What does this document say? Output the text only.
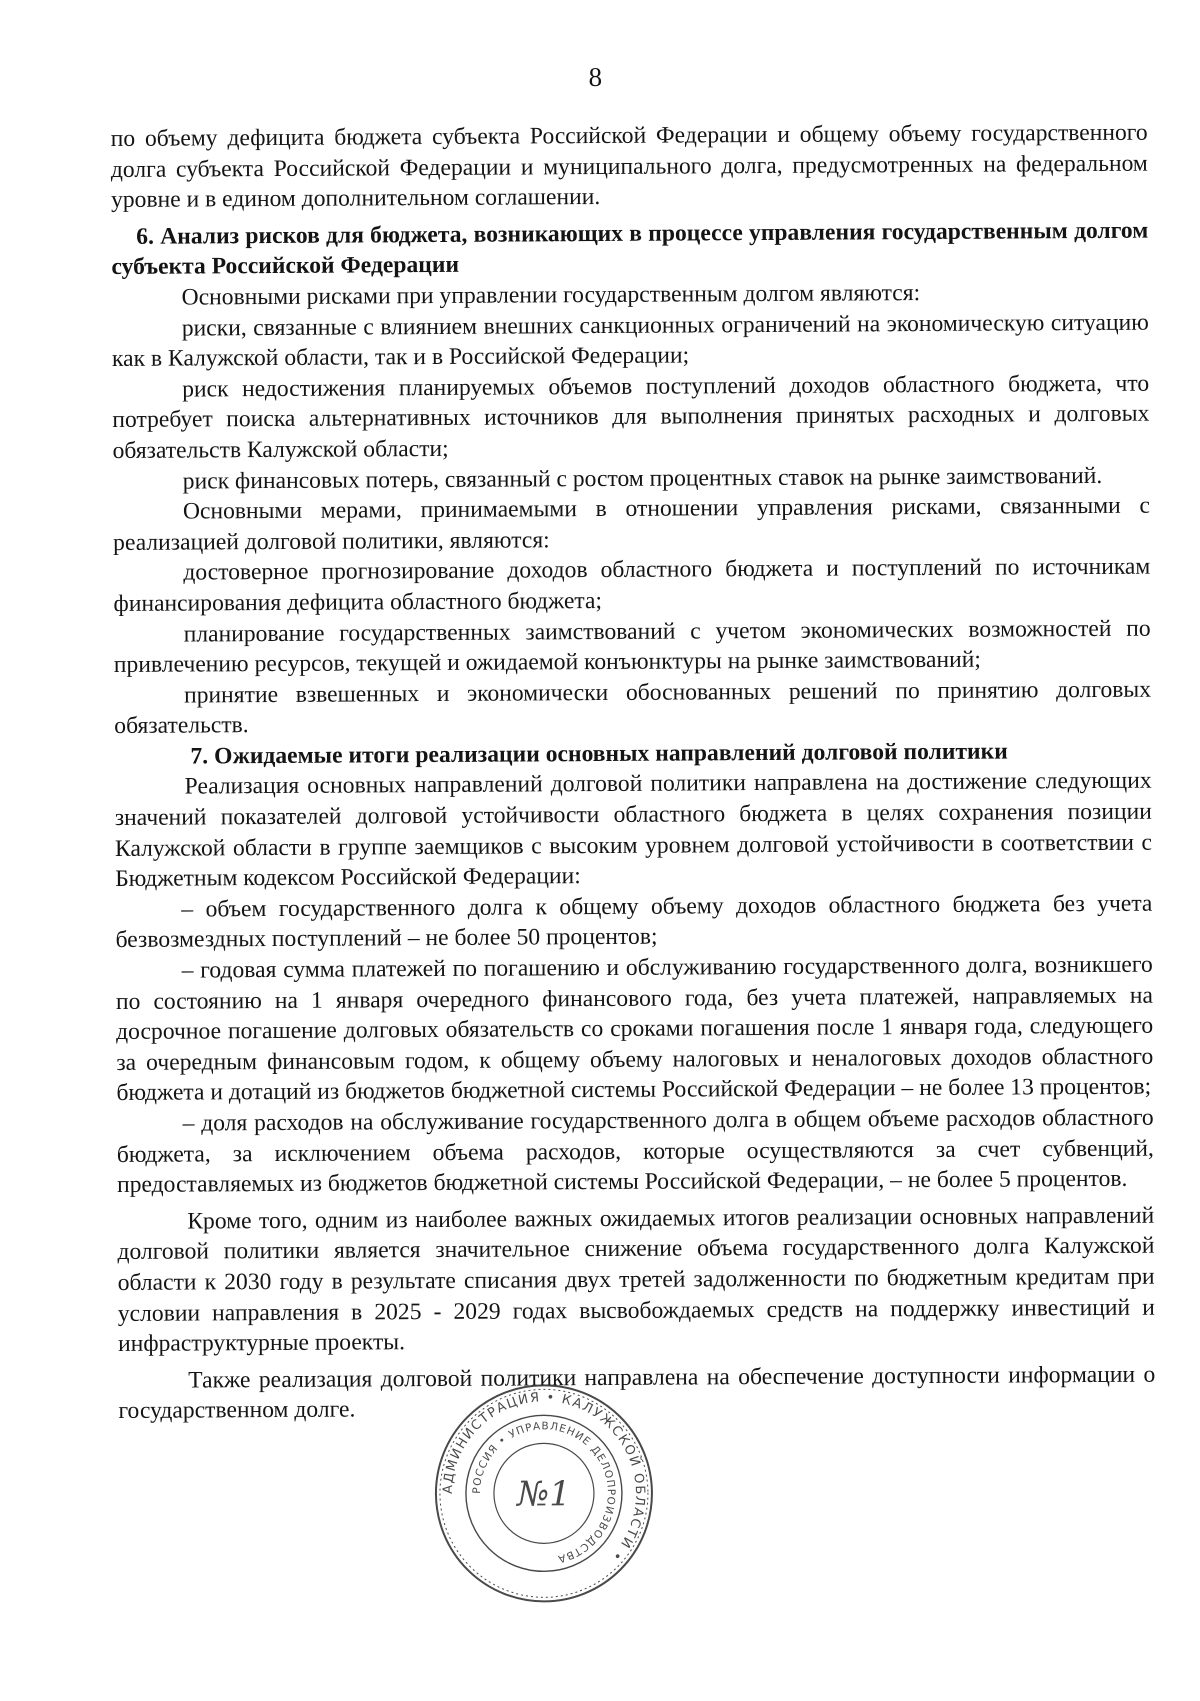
8

по объему дефицита бюджета субъекта Российской Федерации и общему объему государственного долга субъекта Российской Федерации и муниципального долга, предусмотренных на федеральном уровне и в едином дополнительном соглашении.

6. Анализ рисков для бюджета, возникающих в процессе управления государственным долгом субъекта Российской Федерации

Основными рисками при управлении государственным долгом являются:

риски, связанные с влиянием внешних санкционных ограничений на экономическую ситуацию как в Калужской области, так и в Российской Федерации;

риск недостижения планируемых объемов поступлений доходов областного бюджета, что потребует поиска альтернативных источников для выполнения принятых расходных и долговых обязательств Калужской области;

риск финансовых потерь, связанный с ростом процентных ставок на рынке заимствований.

Основными мерами, принимаемыми в отношении управления рисками, связанными с реализацией долговой политики, являются:

достоверное прогнозирование доходов областного бюджета и поступлений по источникам финансирования дефицита областного бюджета;

планирование государственных заимствований с учетом экономических возможностей по привлечению ресурсов, текущей и ожидаемой конъюнктуры на рынке заимствований;

принятие взвешенных и экономически обоснованных решений по принятию долговых обязательств.

7. Ожидаемые итоги реализации основных направлений долговой политики

Реализация основных направлений долговой политики направлена на достижение следующих значений показателей долговой устойчивости областного бюджета в целях сохранения позиции Калужской области в группе заемщиков с высоким уровнем долговой устойчивости в соответствии с Бюджетным кодексом Российской Федерации:

– объем государственного долга к общему объему доходов областного бюджета без учета безвозмездных поступлений – не более 50 процентов;

– годовая сумма платежей по погашению и обслуживанию государственного долга, возникшего по состоянию на 1 января очередного финансового года, без учета платежей, направляемых на досрочное погашение долговых обязательств со сроками погашения после 1 января года, следующего за очередным финансовым годом, к общему объему налоговых и неналоговых доходов областного бюджета и дотаций из бюджетов бюджетной системы Российской Федерации – не более 13 процентов;

– доля расходов на обслуживание государственного долга в общем объеме расходов областного бюджета, за исключением объема расходов, которые осуществляются за счет субвенций, предоставляемых из бюджетов бюджетной системы Российской Федерации, – не более 5 процентов.

Кроме того, одним из наиболее важных ожидаемых итогов реализации основных направлений долговой политики является значительное снижение объема государственного долга Калужской области к 2030 году в результате списания двух третей задолженности по бюджетным кредитам при условии направления в 2025 - 2029 годах высвобождаемых средств на поддержку инвестиций и инфраструктурные проекты.

Также реализация долговой политики направлена на обеспечение доступности информации о государственном долге.

АДМИНИСТРАЦИЯ • КАЛУЖСКОЙ ОБЛАСТИ •
РОССИЯ • УПРАВЛЕНИЕ ДЕЛОПРОИЗВОДСТВА
№1
